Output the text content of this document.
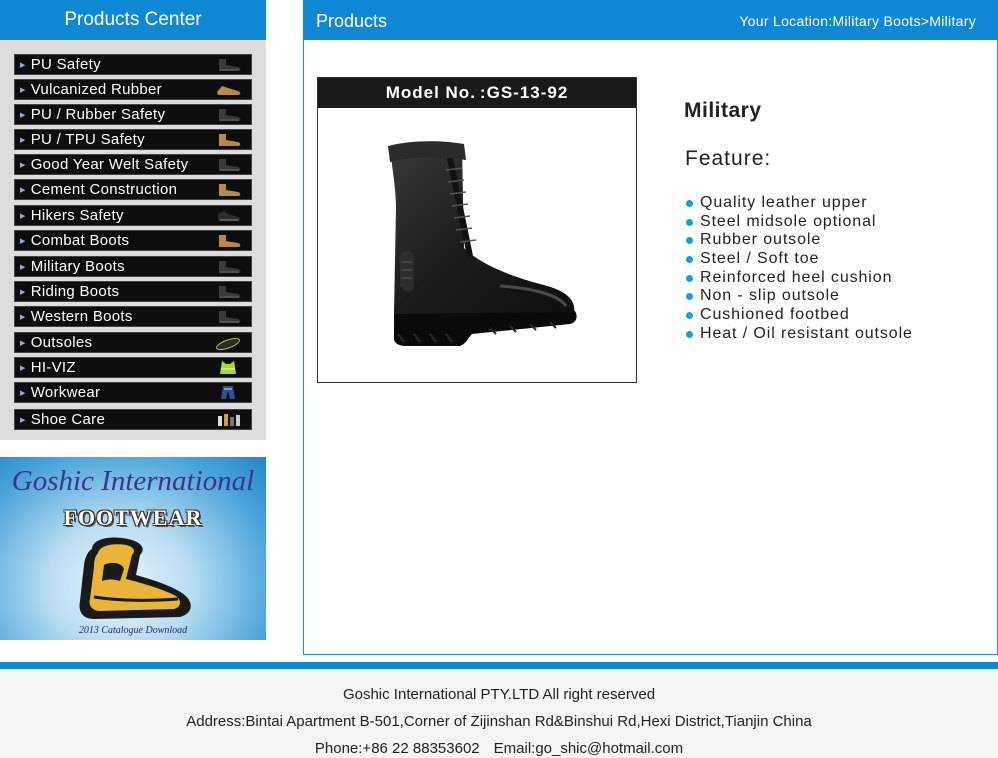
Products Center
▶ PU Safety
▶ Vulcanized Rubber
▶ PU / Rubber Safety
▶ PU / TPU Safety
▶ Good Year Welt Safety
▶ Cement Construction
▶ Hikers Safety
▶ Combat Boots
▶ Military Boots
▶ Riding Boots
▶ Western Boots
▶ Outsoles
▶ HI-VIZ
▶ Workwear
▶ Shoe Care
Goshic International
FOOTWEAR
2013 Catalogue Download
Products	Your Location:Military Boots>Military
Model No. : GS-13-92
Military
Feature:
Quality leather upper
Steel midsole optional
Rubber outsole
Steel / Soft toe
Reinforced heel cushion
Non - slip outsole
Cushioned footbed
Heat / Oil resistant outsole
Goshic International PTY.LTD All right reserved
Address:Bintai Apartment B-501,Corner of Zijinshan Rd&Binshui Rd,Hexi District,Tianjin China
Phone:+86 22 88353602 Email:go_shic@hotmail.com
